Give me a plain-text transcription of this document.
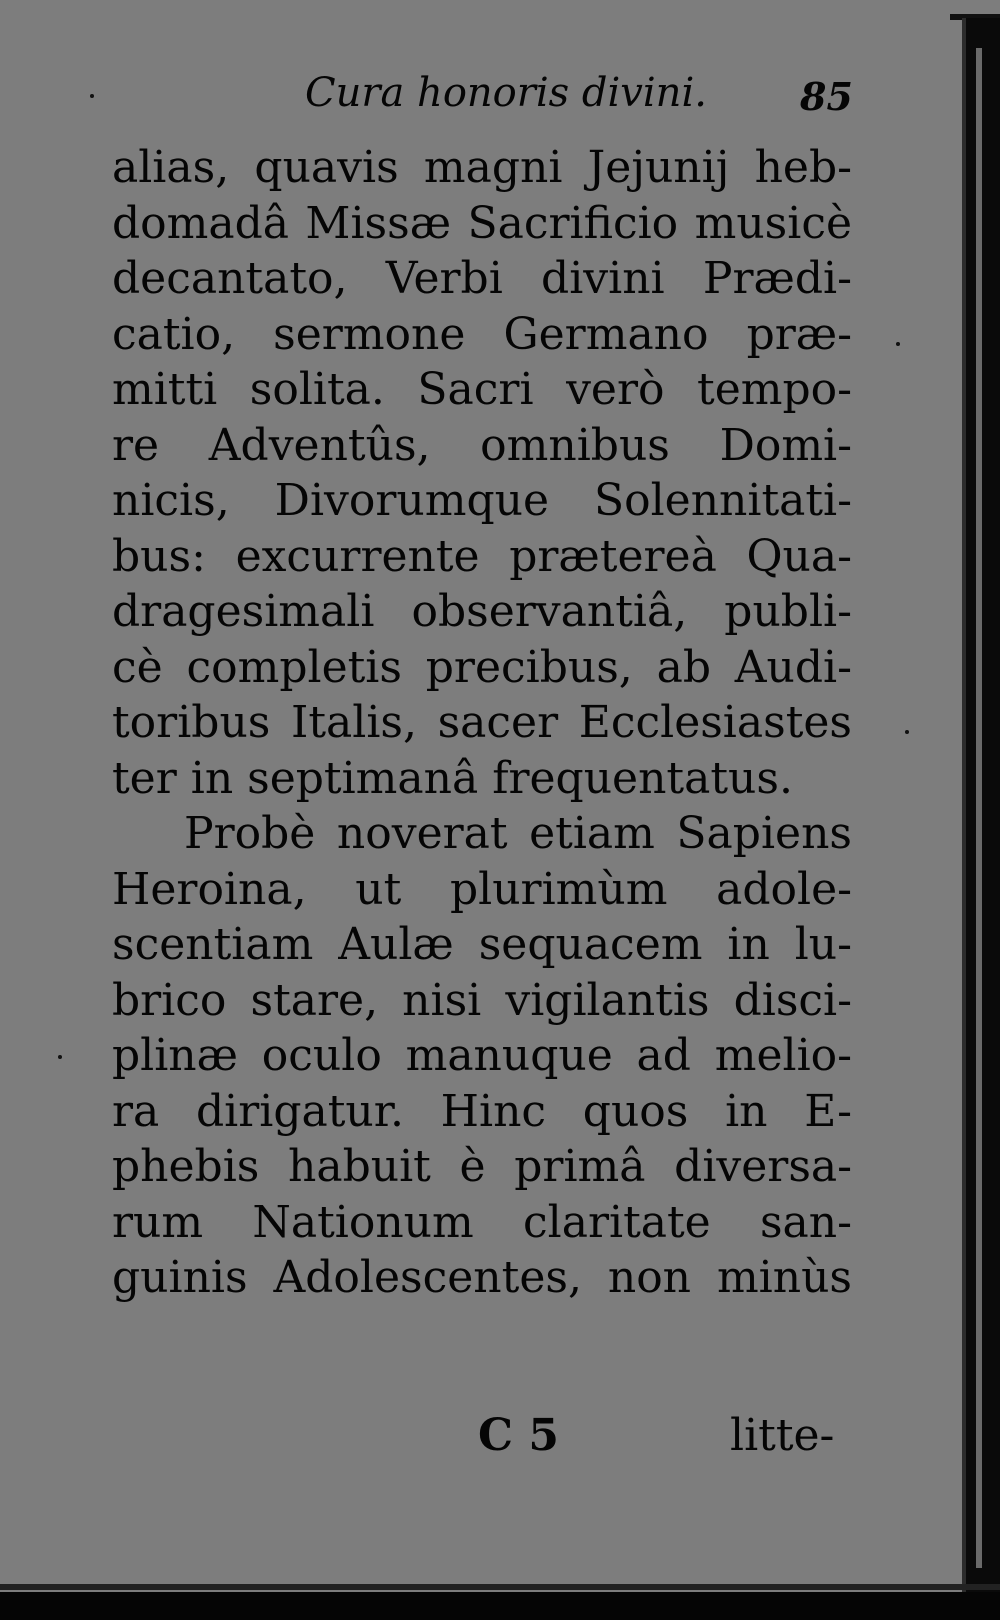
Cura honoris divini. 85
alias, quavis magni Jejunij heb-
domadâ Missæ Sacrificio musicè
decantato, Verbi divini Prædi-
catio, sermone Germano præ-
mitti solita. Sacri verò tempo-
re Adventûs, omnibus Domi-
nicis, Divorumque Solennitati-
bus: excurrente prætereà Qua-
dragesimali observantiâ, publi-
cè completis precibus, ab Audi-
toribus Italis, sacer Ecclesiastes
ter in septimanâ frequentatus.
Probè noverat etiam Sapiens
Heroina, ut plurimùm adole-
scentiam Aulæ sequacem in lu-
brico stare, nisi vigilantis disci-
plinæ oculo manuque ad melio-
ra dirigatur. Hinc quos in E-
phebis habuit è primâ diversa-
rum Nationum claritate san-
guinis Adolescentes, non minùs
C 5	litte-
